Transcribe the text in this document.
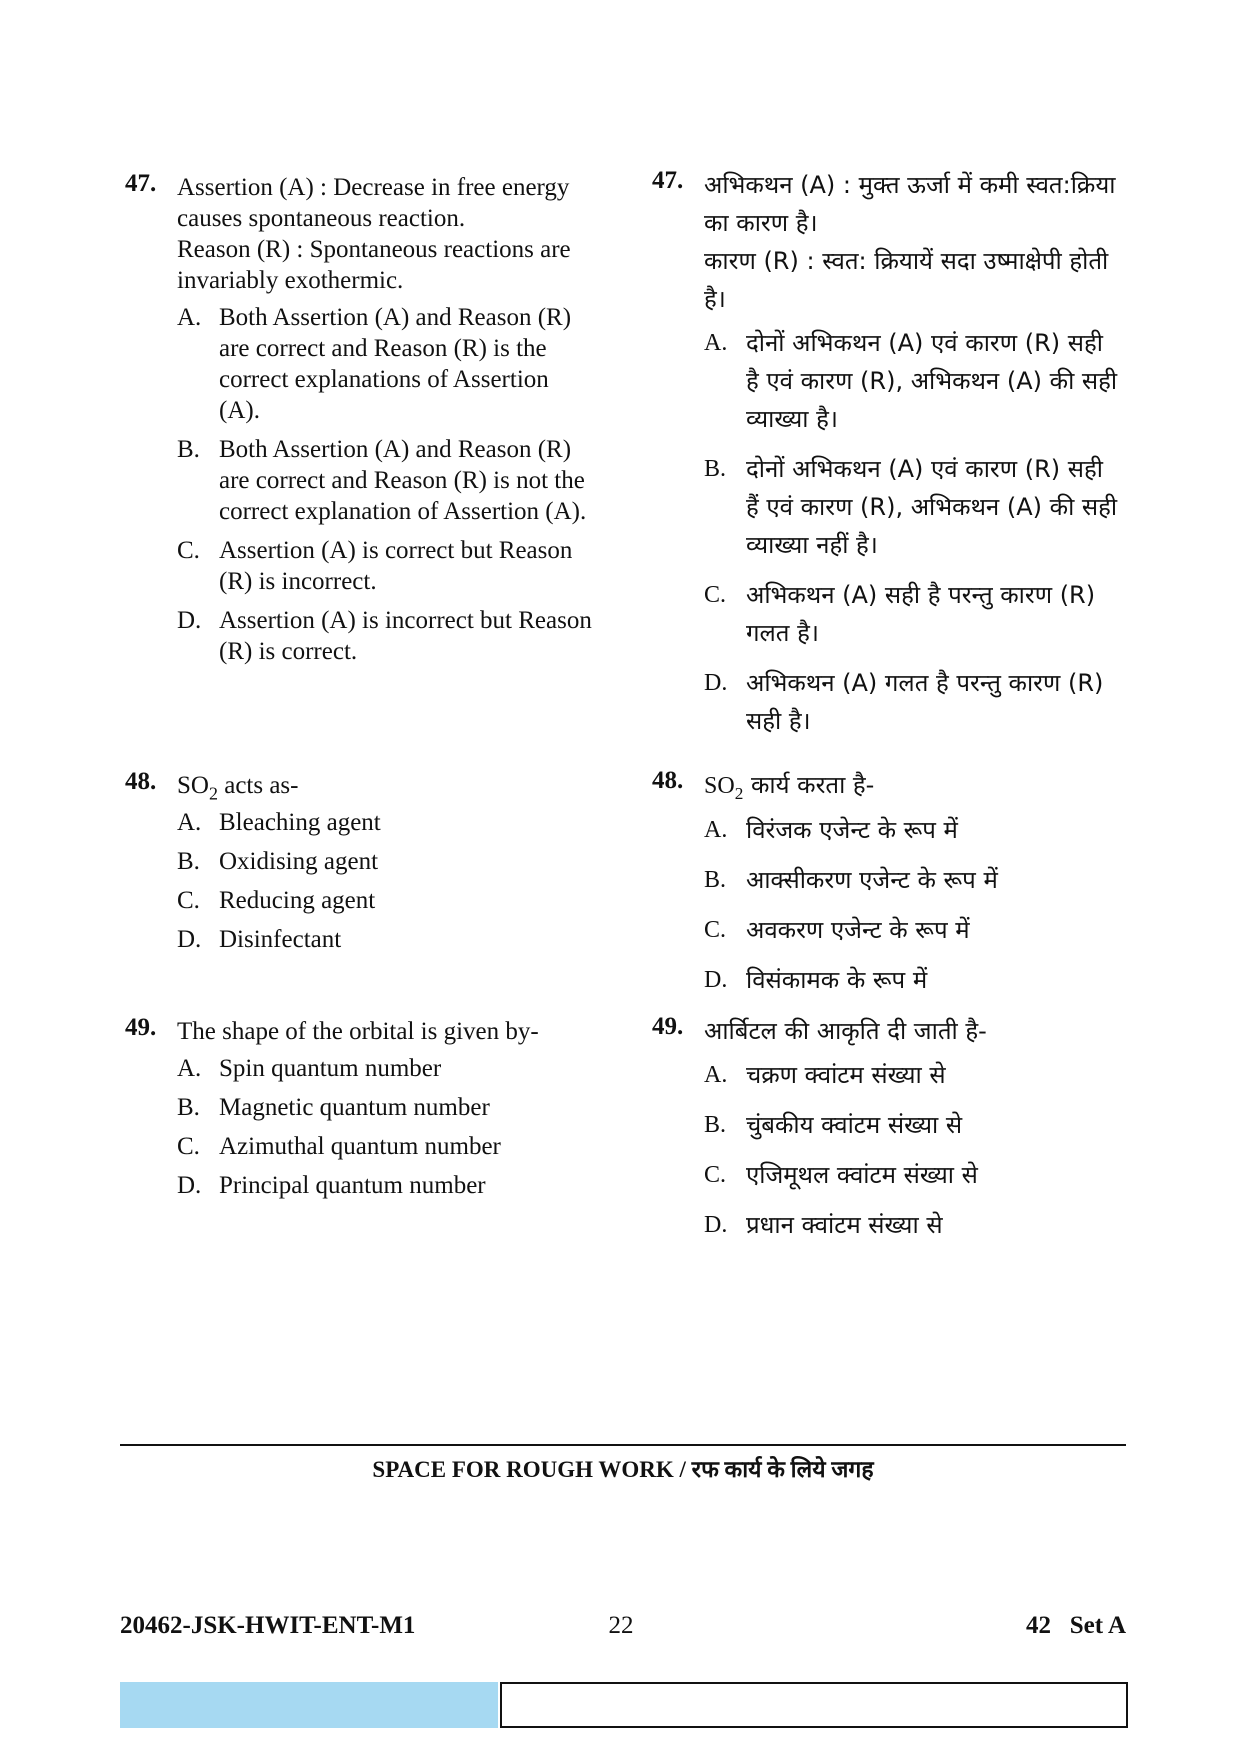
47. Assertion (A) : Decrease in free energy causes spontaneous reaction.

Reason (R) : Spontaneous reactions are invariably exothermic.

A. Both Assertion (A) and Reason (R) are correct and Reason (R) is the correct explanations of Assertion (A).
B. Both Assertion (A) and Reason (R) are correct and Reason (R) is not the correct explanation of Assertion (A).
C. Assertion (A) is correct but Reason (R) is incorrect.
D. Assertion (A) is incorrect but Reason (R) is correct.
48. $SO_2$ acts as-

A. Bleaching agent
B. Oxidising agent
C. Reducing agent
D. Disinfectant
49. The shape of the orbital is given by-

A. Spin quantum number
B. Magnetic quantum number
C. Azimuthal quantum number
D. Principal quantum number
47. अभिकथन (A) : मुक्त ऊर्जा में कमी स्वत:क्रिया का कारण है।

कारण (R) : स्वत: क्रियायें सदा उष्माक्षेपी होती है।

A. दोनों अभिकथन (A) एवं कारण (R) सही है एवं कारण (R), अभिकथन (A) की सही व्याख्या है।
B. दोनों अभिकथन (A) एवं कारण (R) सही हैं एवं कारण (R), अभिकथन (A) की सही व्याख्या नहीं है।
C. अभिकथन (A) सही है परन्तु कारण (R) गलत है।
D. अभिकथन (A) गलत है परन्तु कारण (R) सही है।
48. $SO_2$ कार्य करता है-

A. विरंजक एजेन्ट के रूप में
B. आक्सीकरण एजेन्ट के रूप में
C. अवकरण एजेन्ट के रूप में
D. विसंकामक के रूप में
49. आर्बिटल की आकृति दी जाती है-

A. चक्रण क्वांटम संख्या से
B. चुंबकीय क्वांटम संख्या से
C. एजिमूथल क्वांटम संख्या से
D. प्रधान क्वांटम संख्या से
SPACE FOR ROUGH WORK / रफ कार्य के लिये जगह
20462-JSK-HWIT-ENT-M1	22	42   Set A
